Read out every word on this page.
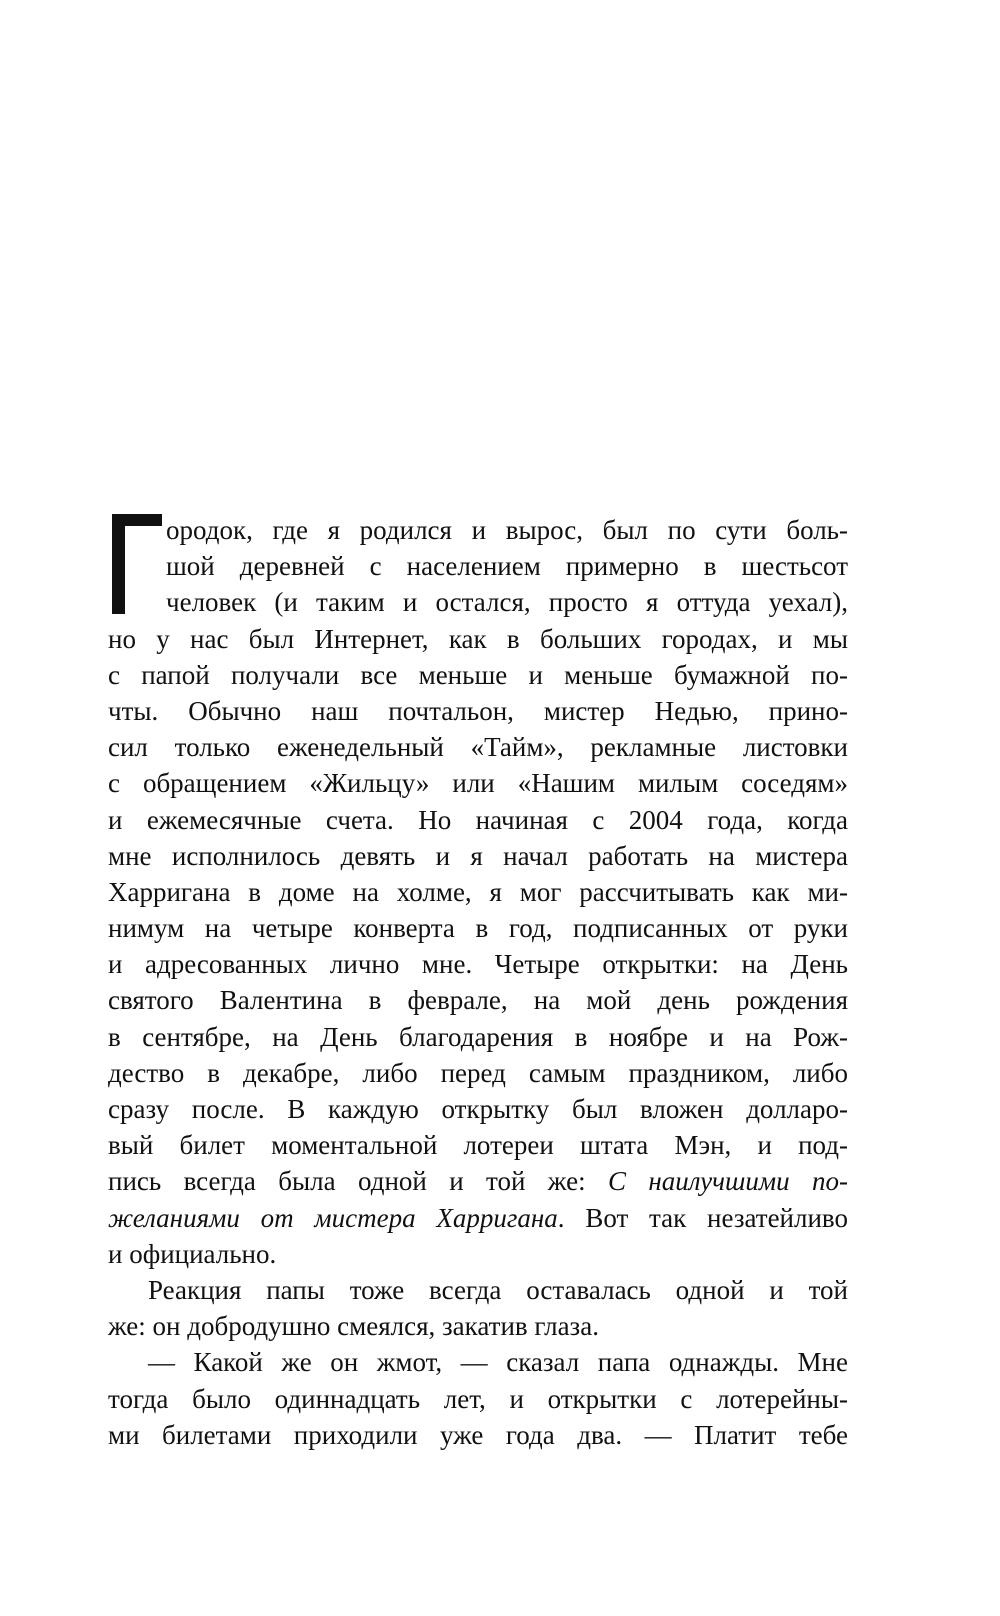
ородок, где я родился и вырос, был по сути боль-
шой деревней с населением примерно в шестьсот
человек (и таким и остался, просто я оттуда уехал),
но у нас был Интернет, как в больших городах, и мы
с папой получали все меньше и меньше бумажной по-
чты. Обычно наш почтальон, мистер Недью, прино-
сил только еженедельный «Тайм», рекламные листовки
с обращением «Жильцу» или «Нашим милым соседям»
и ежемесячные счета. Но начиная с 2004 года, когда
мне исполнилось девять и я начал работать на мистера
Харригана в доме на холме, я мог рассчитывать как ми-
нимум на четыре конверта в год, подписанных от руки
и адресованных лично мне. Четыре открытки: на День
святого Валентина в феврале, на мой день рождения
в сентябре, на День благодарения в ноябре и на Рож-
дество в декабре, либо перед самым праздником, либо
сразу после. В каждую открытку был вложен долларо-
вый билет моментальной лотереи штата Мэн, и под-
пись всегда была одной и той же: С наилучшими по-
желаниями от мистера Харригана. Вот так незатейливо
и официально.
Реакция папы тоже всегда оставалась одной и той
же: он добродушно смеялся, закатив глаза.
— Какой же он жмот, — сказал папа однажды. Мне
тогда было одиннадцать лет, и открытки с лотерейны-
ми билетами приходили уже года два. — Платит тебе
